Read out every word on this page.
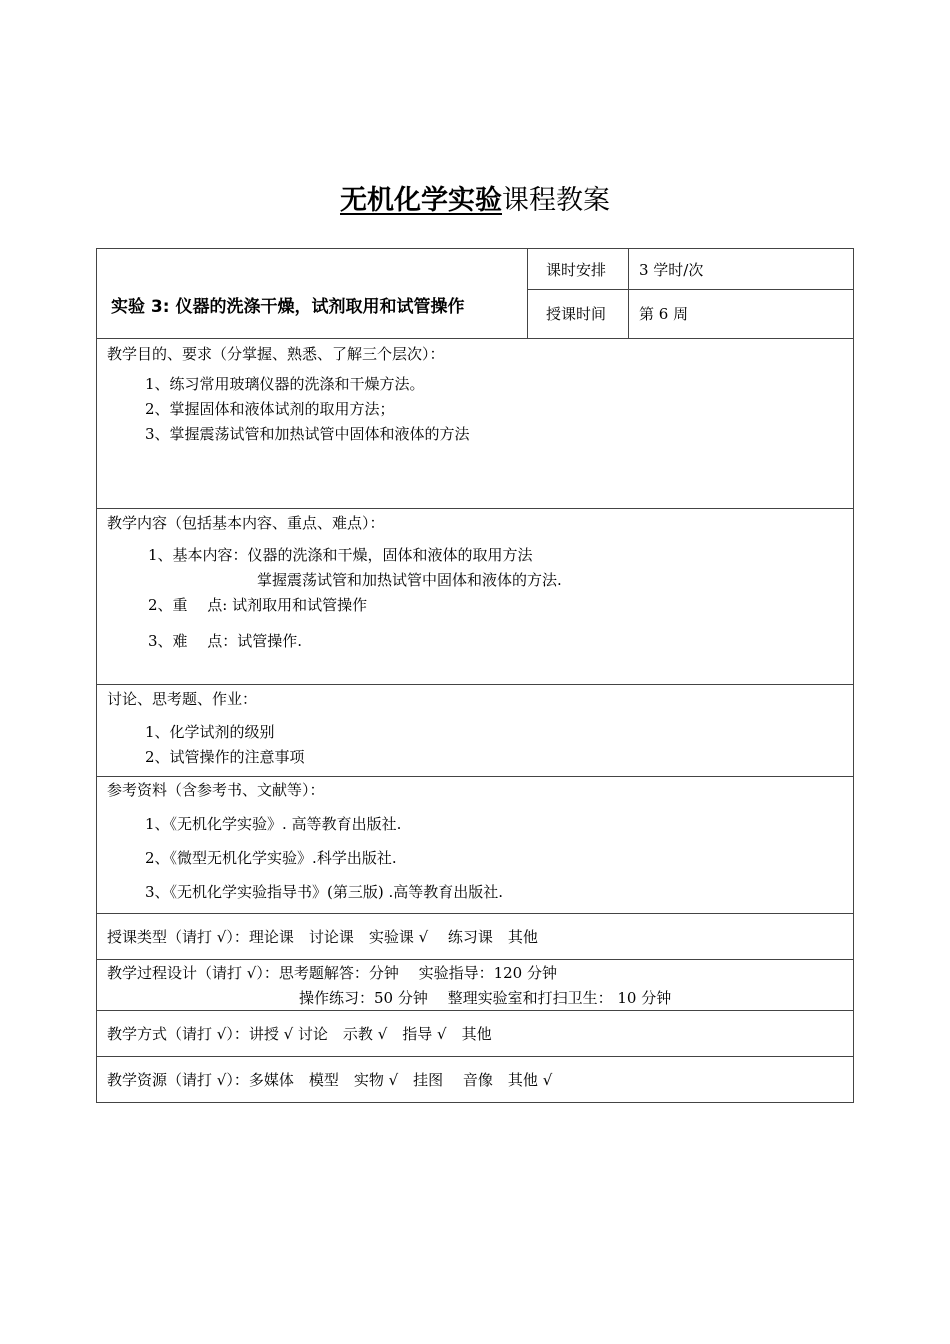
无机化学实验课程教案
实验 3: 仪器的洗涤干燥，试剂取用和试管操作
课时安排 3 学时/次
授课时间 第 6 周
教学目的、要求（分掌握、熟悉、了解三个层次）：
1、练习常用玻璃仪器的洗涤和干燥方法。
2、掌握固体和液体试剂的取用方法；
3、掌握震荡试管和加热试管中固体和液体的方法
教学内容（包括基本内容、重点、难点）：
1、基本内容：仪器的洗涤和干燥，固体和液体的取用方法
掌握震荡试管和加热试管中固体和液体的方法.
2、重　 点: 试剂取用和试管操作
3、难　 点：试管操作.
讨论、思考题、作业：
1、化学试剂的级别
2、试管操作的注意事项
参考资料（含参考书、文献等）：
1、《无机化学实验》. 高等教育出版社.
2、《微型无机化学实验》.科学出版社.
3、《无机化学实验指导书》(第三版) .高等教育出版社.
授课类型（请打 √）：理论课　讨论课　实验课 √　 练习课　其他
教学过程设计（请打 √）：思考题解答：分钟　 实验指导：120 分钟
操作练习：50 分钟　 整理实验室和打扫卫生： 10 分钟
教学方式（请打 √）：讲授 √ 讨论　示教 √　指导 √　其他
教学资源（请打 √）：多媒体　模型　实物 √　挂图　 音像　其他 √
